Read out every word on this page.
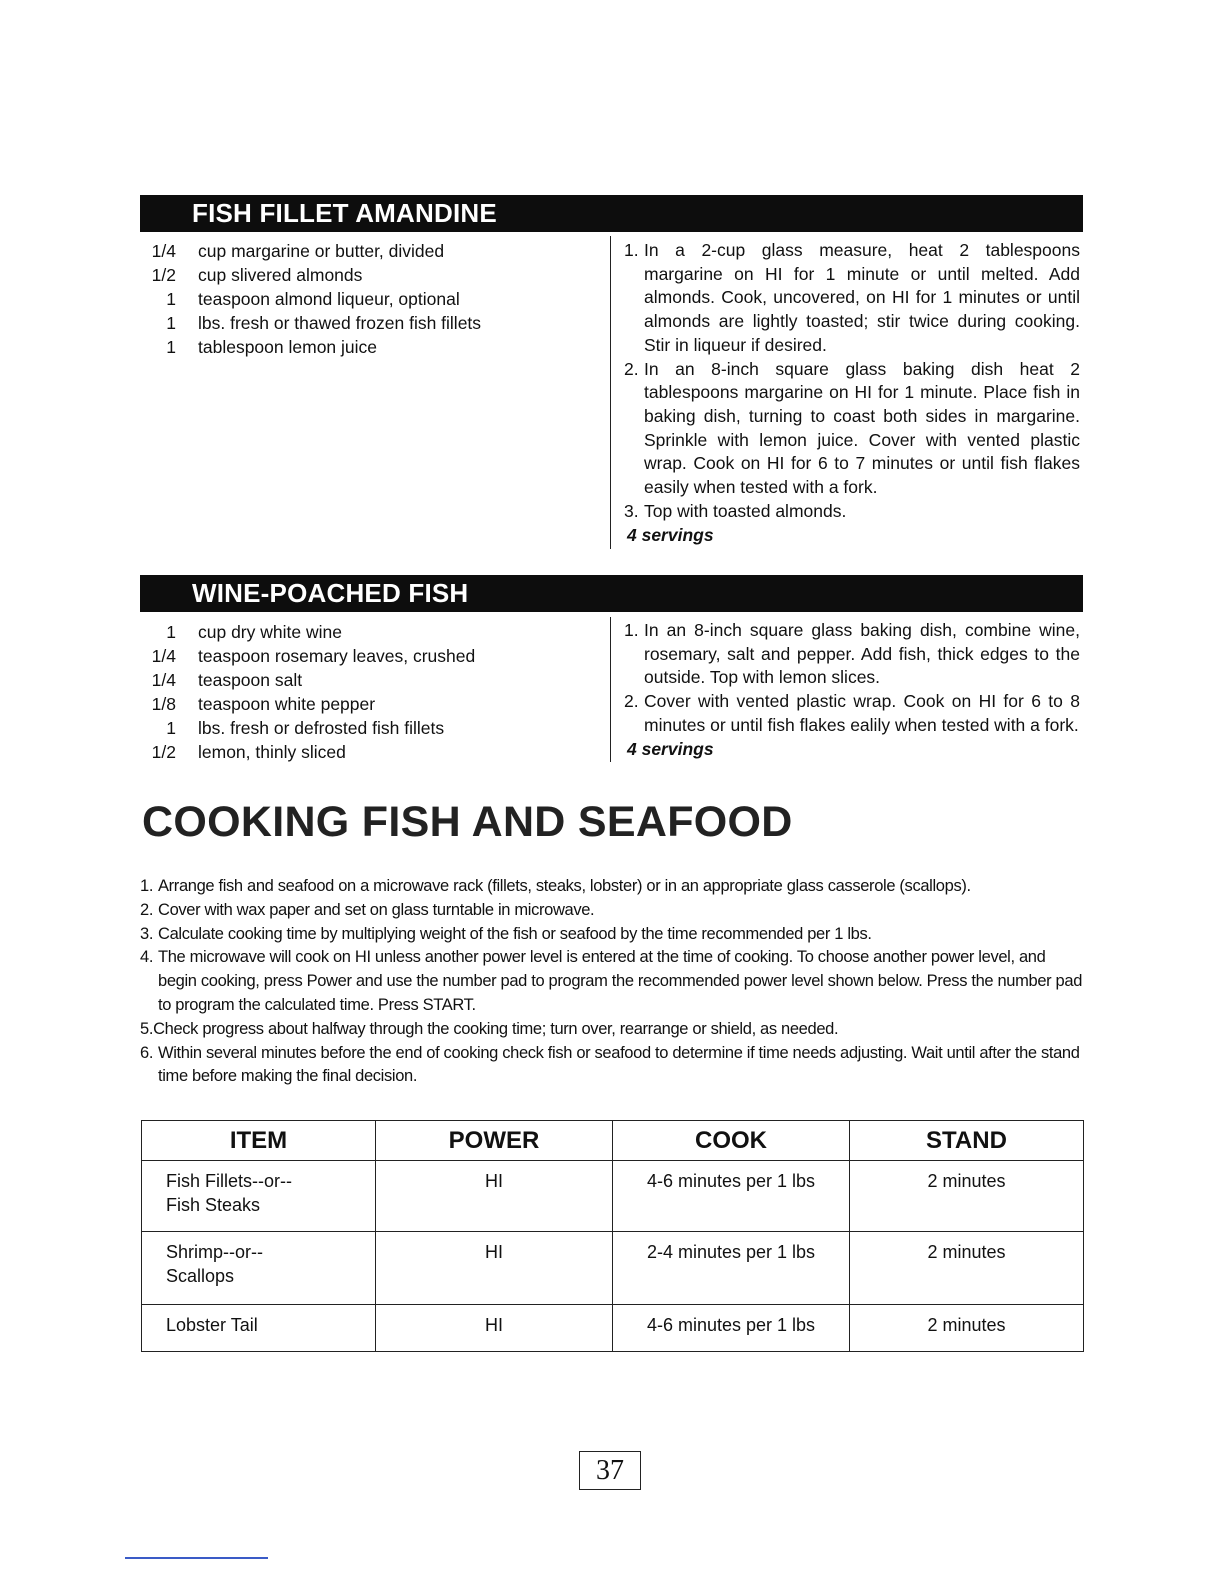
FISH FILLET AMANDINE
1/4 cup margarine or butter, divided
1/2 cup slivered almonds
1 teaspoon almond liqueur, optional
1 lbs. fresh or thawed frozen fish fillets
1 tablespoon lemon juice
1. In a 2-cup glass measure, heat 2 tablespoons margarine on HI for 1 minute or until melted. Add almonds. Cook, uncovered, on HI for 1 minutes or until almonds are lightly toasted; stir twice during cooking. Stir in liqueur if desired.
2. In an 8-inch square glass baking dish heat 2 tablespoons margarine on HI for 1 minute. Place fish in baking dish, turning to coast both sides in margarine. Sprinkle with lemon juice. Cover with vented plastic wrap. Cook on HI for 6 to 7 minutes or until fish flakes easily when tested with a fork.
3. Top with toasted almonds.
4 servings
WINE-POACHED FISH
1 cup dry white wine
1/4 teaspoon rosemary leaves, crushed
1/4 teaspoon salt
1/8 teaspoon white pepper
1 lbs. fresh or defrosted fish fillets
1/2 lemon, thinly sliced
1. In an 8-inch square glass baking dish, combine wine, rosemary, salt and pepper. Add fish, thick edges to the outside. Top with lemon slices.
2. Cover with vented plastic wrap. Cook on HI for 6 to 8 minutes or until fish flakes ealily when tested with a fork.
4 servings
COOKING FISH AND SEAFOOD
1. Arrange fish and seafood on a microwave rack (fillets, steaks, lobster) or in an appropriate glass casserole (scallops).
2. Cover with wax paper and set on glass turntable in microwave.
3. Calculate cooking time by multiplying weight of the fish or seafood by the time recommended per 1 lbs.
4. The microwave will cook on HI unless another power level is entered at the time of cooking. To choose another power level, and begin cooking, press Power and use the number pad to program the recommended power level shown below. Press the number pad to program the calculated time. Press START.
5.Check progress about halfway through the cooking time; turn over, rearrange or shield, as needed.
6. Within several minutes before the end of cooking check fish or seafood to determine if time needs adjusting. Wait until after the stand time before making the final decision.
ITEM	POWER	COOK	STAND

Fish Fillets--or--
Fish Steaks	HI	4-6 minutes per 1 lbs	2 minutes

Shrimp--or--
Scallops	HI	2-4 minutes per 1 lbs	2 minutes

Lobster Tail	HI	4-6 minutes per 1 lbs	2 minutes
37
